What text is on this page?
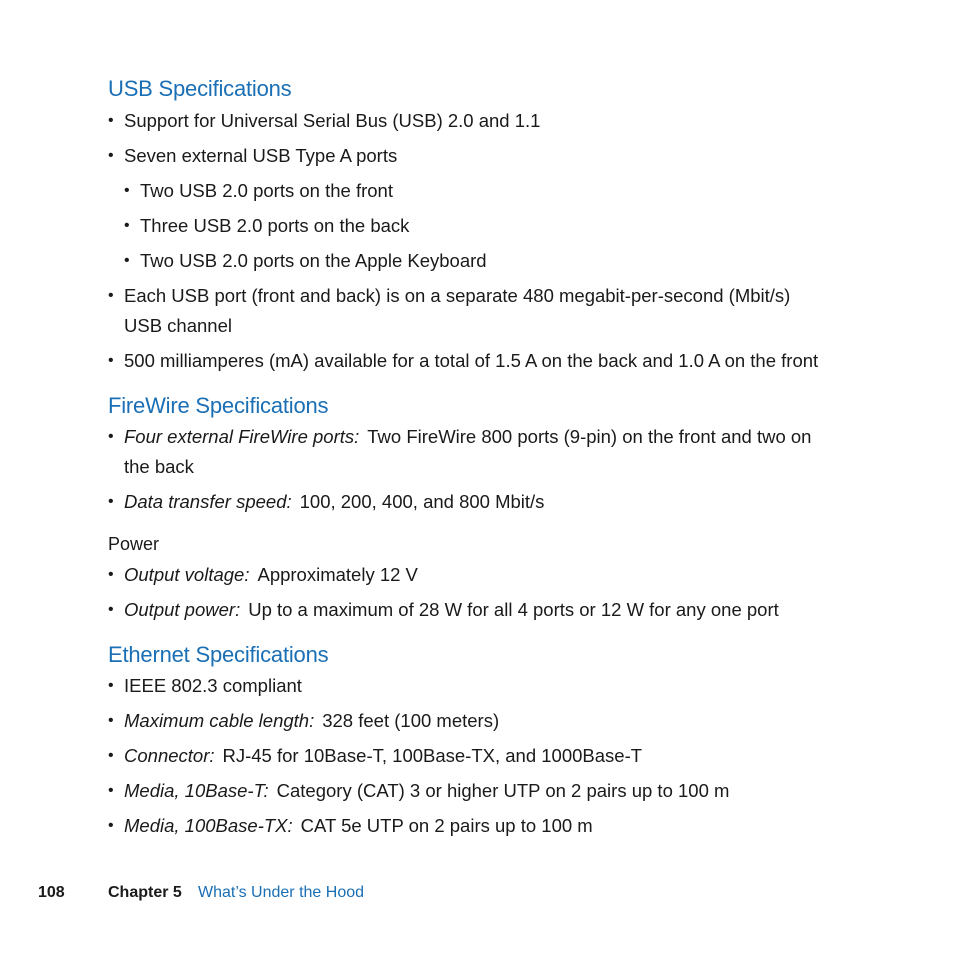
USB Specifications
• Support for Universal Serial Bus (USB) 2.0 and 1.1
• Seven external USB Type A ports
• Two USB 2.0 ports on the front
• Three USB 2.0 ports on the back
• Two USB 2.0 ports on the Apple Keyboard
• Each USB port (front and back) is on a separate 480 megabit-per-second (Mbit/s)
USB channel
• 500 milliamperes (mA) available for a total of 1.5 A on the back and 1.0 A on the front
FireWire Specifications
• Four external FireWire ports: Two FireWire 800 ports (9-pin) on the front and two on
the back
• Data transfer speed: 100, 200, 400, and 800 Mbit/s
Power
• Output voltage: Approximately 12 V
• Output power: Up to a maximum of 28 W for all 4 ports or 12 W for any one port
Ethernet Specifications
• IEEE 802.3 compliant
• Maximum cable length: 328 feet (100 meters)
• Connector: RJ-45 for 10Base-T, 100Base-TX, and 1000Base-T
• Media, 10Base-T: Category (CAT) 3 or higher UTP on 2 pairs up to 100 m
• Media, 100Base-TX: CAT 5e UTP on 2 pairs up to 100 m
108	Chapter 5 What’s Under the Hood
